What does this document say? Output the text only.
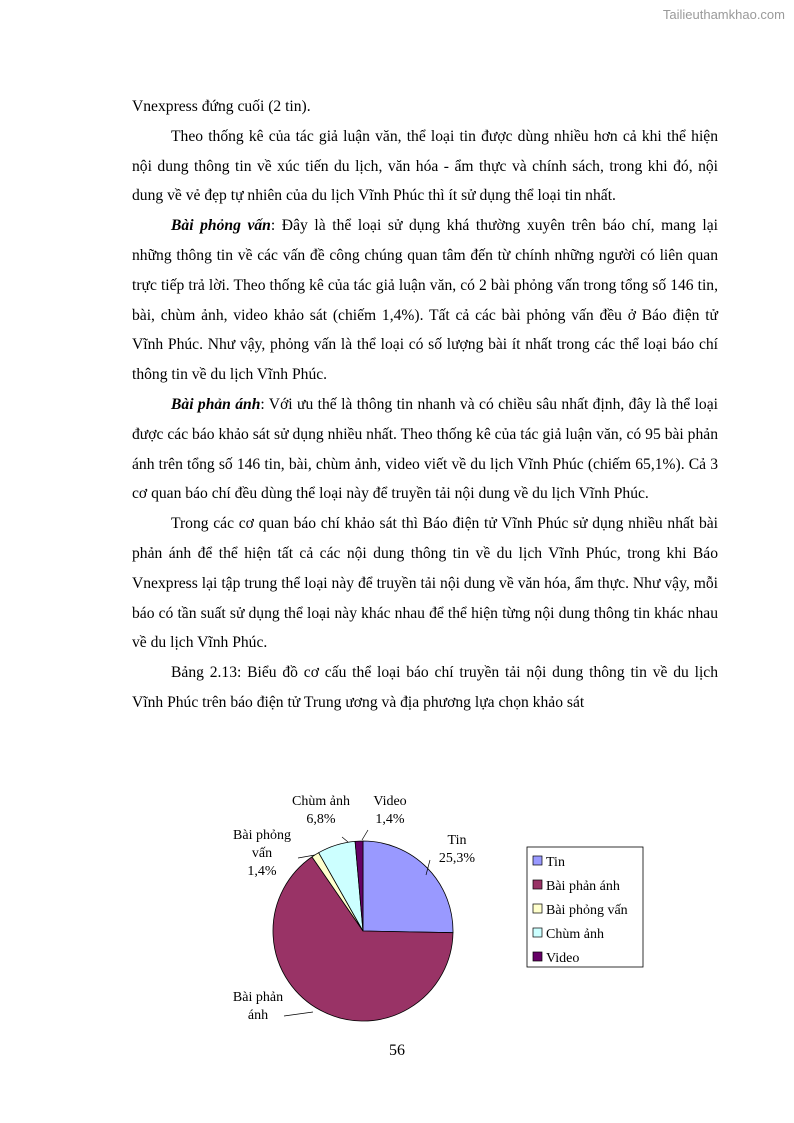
Tailieuthamkhao.com

Vnexpress đứng cuối (2 tin).

Theo thống kê của tác giả luận văn, thể loại tin được dùng nhiều hơn cả khi thể hiện nội dung thông tin về xúc tiến du lịch, văn hóa - ẩm thực và chính sách, trong khi đó, nội dung về vẻ đẹp tự nhiên của du lịch Vĩnh Phúc thì ít sử dụng thể loại tin nhất.

Bài phỏng vấn: Đây là thể loại sử dụng khá thường xuyên trên báo chí, mang lại những thông tin về các vấn đề công chúng quan tâm đến từ chính những người có liên quan trực tiếp trả lời. Theo thống kê của tác giả luận văn, có 2 bài phỏng vấn trong tổng số 146 tin, bài, chùm ảnh, video khảo sát (chiếm 1,4%). Tất cả các bài phỏng vấn đều ở Báo điện tử Vĩnh Phúc. Như vậy, phỏng vấn là thể loại có số lượng bài ít nhất trong các thể loại báo chí thông tin về du lịch Vĩnh Phúc.

Bài phản ánh: Với ưu thế là thông tin nhanh và có chiều sâu nhất định, đây là thể loại được các báo khảo sát sử dụng nhiều nhất. Theo thống kê của tác giả luận văn, có 95 bài phản ánh trên tổng số 146 tin, bài, chùm ảnh, video viết về du lịch Vĩnh Phúc (chiếm 65,1%). Cả 3 cơ quan báo chí đều dùng thể loại này để truyền tải nội dung về du lịch Vĩnh Phúc.

Trong các cơ quan báo chí khảo sát thì Báo điện tử Vĩnh Phúc sử dụng nhiều nhất bài phản ánh để thể hiện tất cả các nội dung thông tin về du lịch Vĩnh Phúc, trong khi Báo Vnexpress lại tập trung thể loại này để truyền tải nội dung về văn hóa, ẩm thực. Như vậy, mỗi báo có tần suất sử dụng thể loại này khác nhau để thể hiện từng nội dung thông tin khác nhau về du lịch Vĩnh Phúc.

Bảng 2.13: Biểu đồ cơ cấu thể loại báo chí truyền tải nội dung thông tin về du lịch Vĩnh Phúc trên báo điện tử Trung ương và địa phương lựa chọn khảo sát

Tin 25,3%
Bài phản ánh
Bài phỏng vấn 1,4%
Chùm ảnh 6,8%
Video 1,4%
Tin
Bài phản ánh
Bài phỏng vấn
Chùm ảnh
Video
56
